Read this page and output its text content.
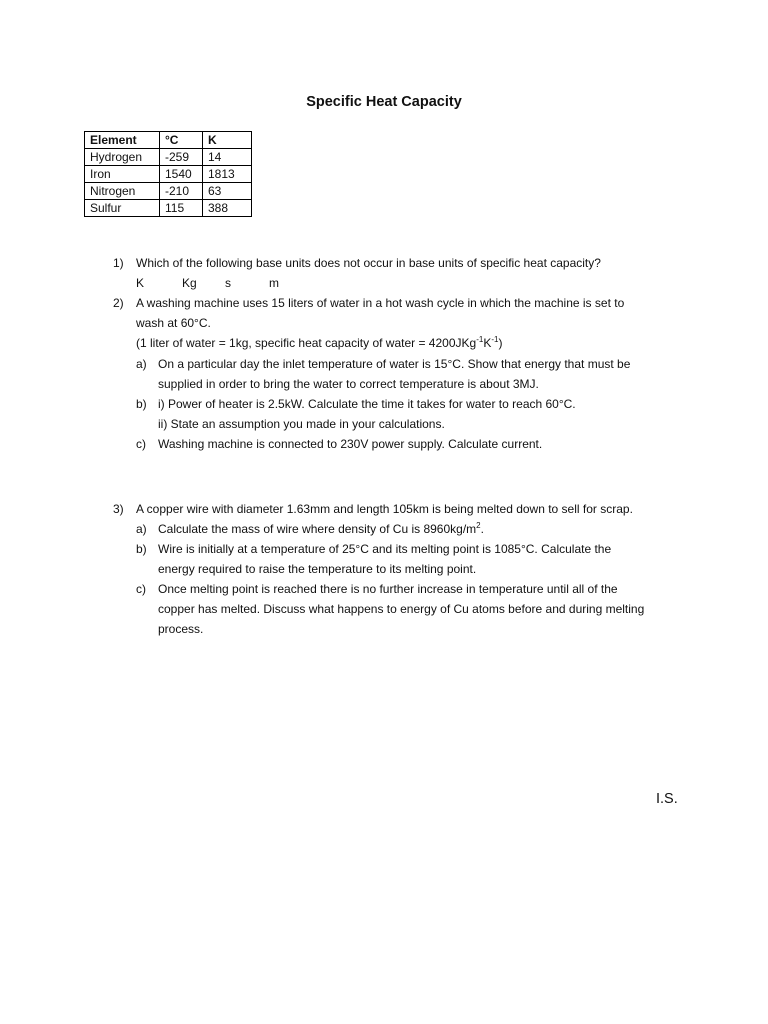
Specific Heat Capacity
Element	°C	K
Hydrogen	-259	14
Iron	1540	1813
Nitrogen	-210	63
Sulfur	115	388
1) Which of the following base units does not occur in base units of specific heat capacity?
K	Kg s	m
2) A washing machine uses 15 liters of water in a hot wash cycle in which the machine is set to
wash at 60°C.
(1 liter of water = 1kg, specific heat capacity of water = $4200JKg^{-1}K^{-1}$)
a) On a particular day the inlet temperature of water is 15°C. Show that energy that must be
supplied in order to bring the water to correct temperature is about 3MJ.
b) i) Power of heater is 2.5kW. Calculate the time it takes for water to reach 60°C.
ii) State an assumption you made in your calculations.
c) Washing machine is connected to 230V power supply. Calculate current.
3) A copper wire with diameter 1.63mm and length 105km is being melted down to sell for scrap.
a) Calculate the mass of wire where density of Cu is $8960kg/m^2$.
b) Wire is initially at a temperature of 25°C and its melting point is 1085°C. Calculate the
energy required to raise the temperature to its melting point.
c) Once melting point is reached there is no further increase in temperature until all of the
copper has melted. Discuss what happens to energy of Cu atoms before and during melting
process.
I.S.
